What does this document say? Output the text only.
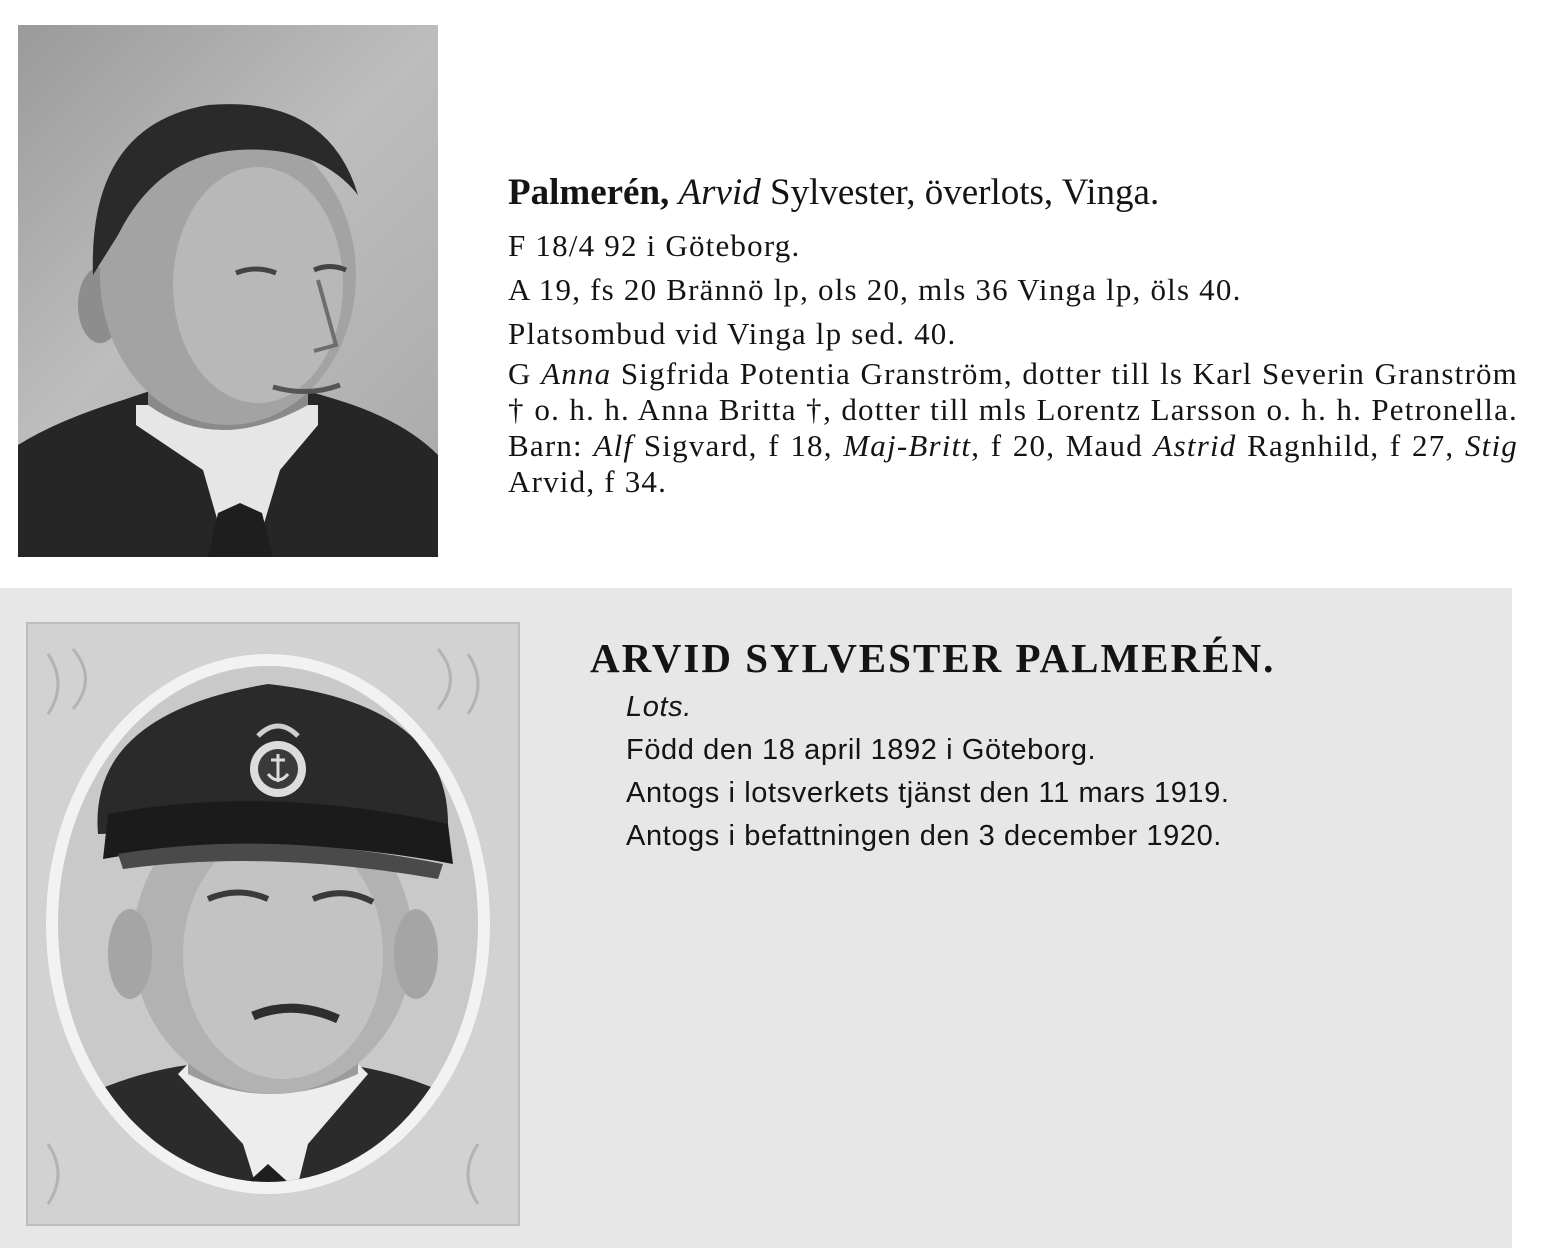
Palmerén, Arvid Sylvester, överlots, Vinga.
F 18/4 92 i Göteborg.
A 19, fs 20 Brännö lp, ols 20, mls 36 Vinga lp, öls 40.
Platsombud vid Vinga lp sed. 40.
G Anna Sigfrida Potentia Granström, dotter till ls Karl Severin Granström † o. h. h. Anna Britta †, dotter till mls Lorentz Larsson o. h. h. Petronella. Barn: Alf Sigvard, f 18, Maj-Britt, f 20, Maud Astrid Ragnhild, f 27, Stig Arvid, f 34.
ARVID SYLVESTER PALMERÉN.
Lots.
Född den 18 april 1892 i Göteborg.
Antogs i lotsverkets tjänst den 11 mars 1919.
Antogs i befattningen den 3 december 1920.
